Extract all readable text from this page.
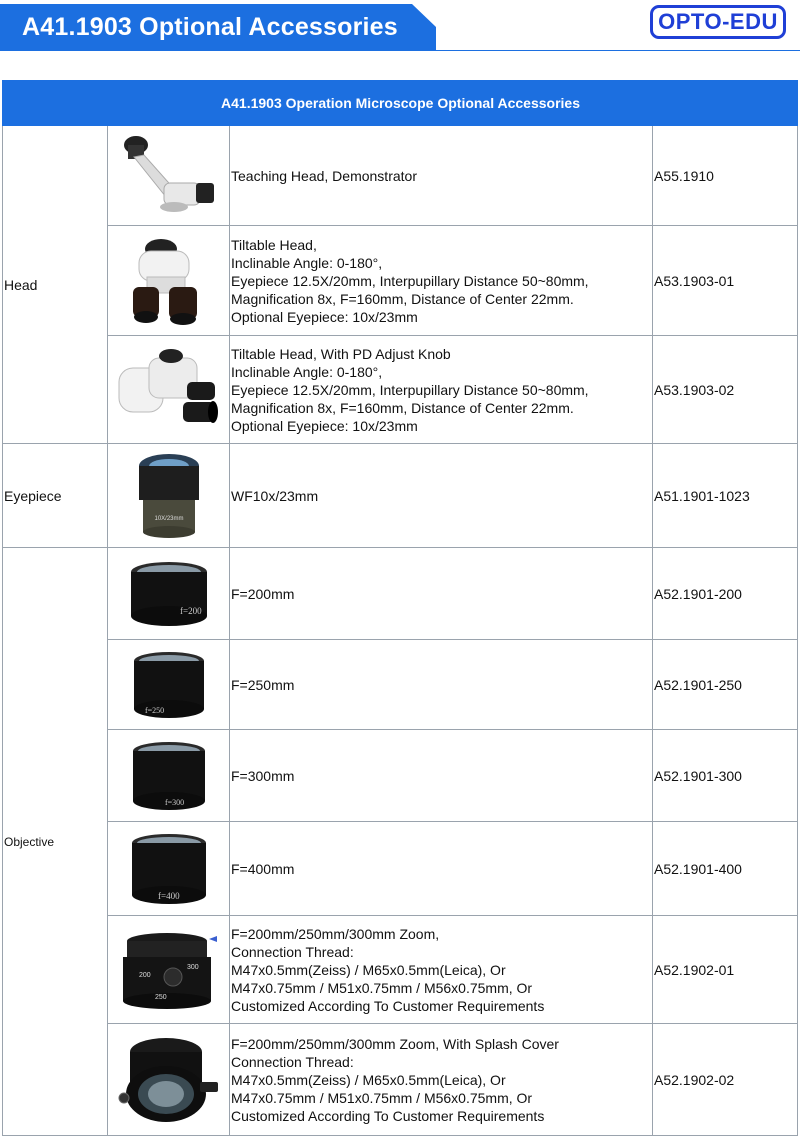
A41.1903 Optional Accessories	OPTO-EDU
A41.1903 Operation Microscope Optional Accessories			
Head		Teaching Head, Demonstrator	A55.1910

Tiltable Head,
Inclinable Angle: 0-180°,
Eyepiece 12.5X/20mm, Interpupillary Distance 50~80mm,
Magnification 8x, F=160mm, Distance of Center 22mm.
Optional Eyepiece: 10x/23mm	A53.1903-01

Tiltable Head, With PD Adjust Knob
Inclinable Angle: 0-180°,
Eyepiece 12.5X/20mm, Interpupillary Distance 50~80mm,
Magnification 8x, F=160mm, Distance of Center 22mm.
Optional Eyepiece: 10x/23mm	A53.1903-02
Eyepiece	10X/23mm	WF10x/23mm	A51.1901-1023
Objective	f=200	F=200mm	A52.1901-200

f=250	F=250mm	A52.1901-250

f=300	F=300mm	A52.1901-300

f=400	F=400mm	A52.1901-400

200
300
250	F=200mm/250mm/300mm Zoom,
Connection Thread:
M47x0.5mm(Zeiss) / M65x0.5mm(Leica), Or
M47x0.75mm / M51x0.75mm / M56x0.75mm, Or
Customized According To Customer Requirements	A52.1902-01

F=200mm/250mm/300mm Zoom, With Splash Cover
Connection Thread:
M47x0.5mm(Zeiss) / M65x0.5mm(Leica), Or
M47x0.75mm / M51x0.75mm / M56x0.75mm, Or
Customized According To Customer Requirements	A52.1902-02
